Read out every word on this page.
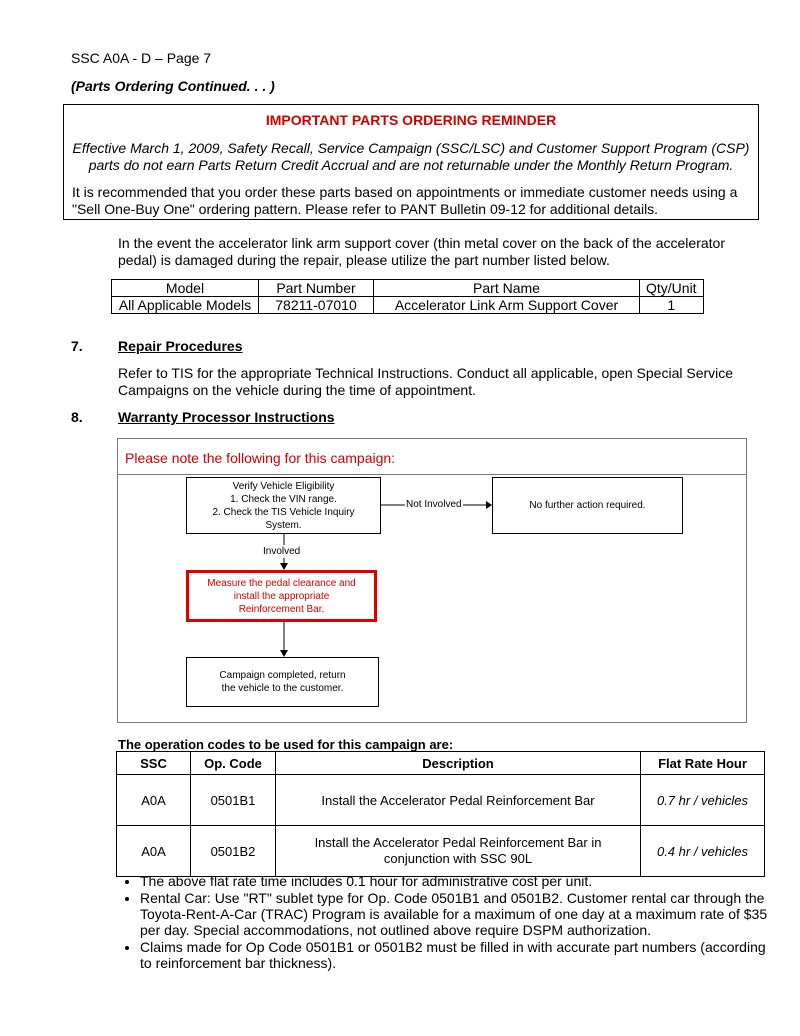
SSC A0A - D – Page 7
(Parts Ordering Continued. . . )
IMPORTANT PARTS ORDERING REMINDER
Effective March 1, 2009, Safety Recall, Service Campaign (SSC/LSC) and Customer Support Program (CSP) parts do not earn Parts Return Credit Accrual and are not returnable under the Monthly Return Program.
It is recommended that you order these parts based on appointments or immediate customer needs using a "Sell One-Buy One" ordering pattern. Please refer to PANT Bulletin 09-12 for additional details.
In the event the accelerator link arm support cover (thin metal cover on the back of the accelerator pedal) is damaged during the repair, please utilize the part number listed below.
Model	Part Number	Part Name	Qty/Unit
All Applicable Models	78211-07010	Accelerator Link Arm Support Cover	1
7.	Repair Procedures
Refer to TIS for the appropriate Technical Instructions. Conduct all applicable, open Special Service Campaigns on the vehicle during the time of appointment.
8.	Warranty Processor Instructions
Please note the following for this campaign:
Verify Vehicle Eligibility
1. Check the VIN range.
2. Check the TIS Vehicle Inquiry
System.
Not Involved	No further action required.
Involved
Measure the pedal clearance and
install the appropriate
Reinforcement Bar.
Campaign completed, return
the vehicle to the customer.
The operation codes to be used for this campaign are:
SSC	Op. Code	Description	Flat Rate Hour
A0A	0501B1	Install the Accelerator Pedal Reinforcement Bar	0.7 hr / vehicles
A0A	0501B2	Install the Accelerator Pedal Reinforcement Bar in conjunction with SSC 90L	0.4 hr / vehicles
• The above flat rate time includes 0.1 hour for administrative cost per unit.
• Rental Car: Use "RT" sublet type for Op. Code 0501B1 and 0501B2. Customer rental car through the Toyota-Rent-A-Car (TRAC) Program is available for a maximum of one day at a maximum rate of $35 per day. Special accommodations, not outlined above require DSPM authorization.
• Claims made for Op Code 0501B1 or 0501B2 must be filled in with accurate part numbers (according to reinforcement bar thickness).
